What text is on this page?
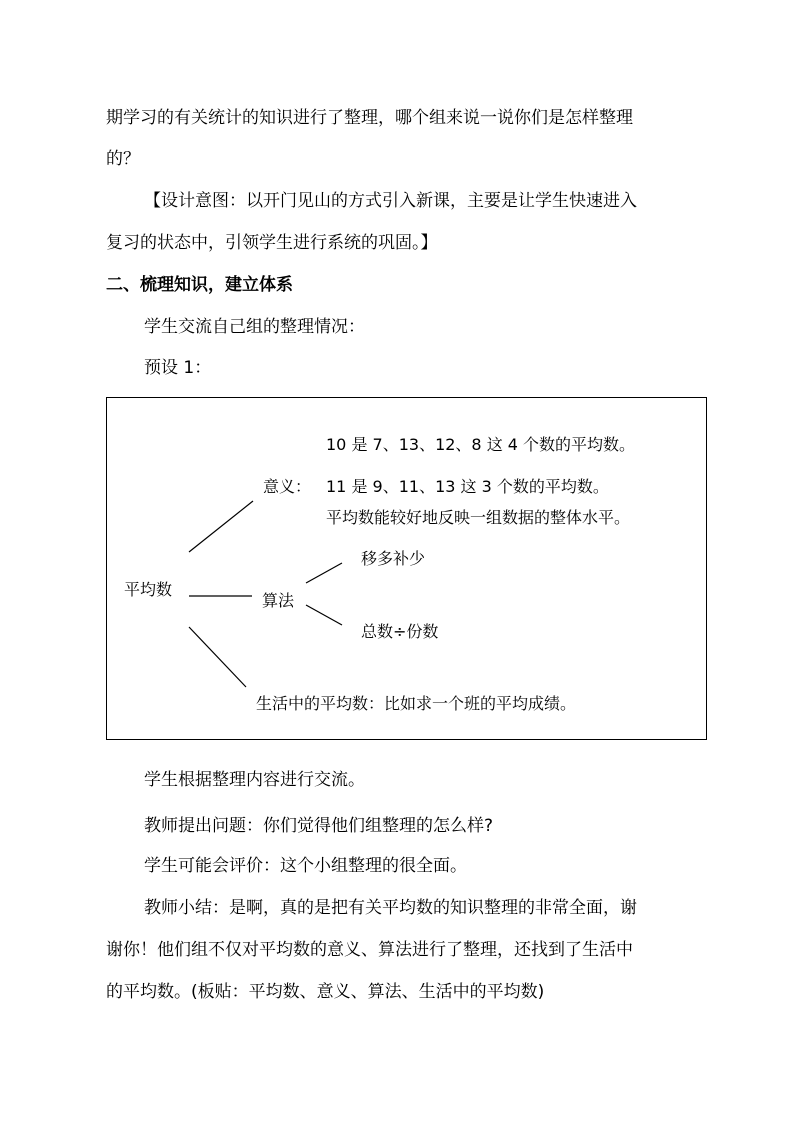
期学习的有关统计的知识进行了整理，哪个组来说一说你们是怎样整理
的？
【设计意图：以开门见山的方式引入新课，主要是让学生快速进入
复习的状态中，引领学生进行系统的巩固。】
二、梳理知识，建立体系
学生交流自己组的整理情况：
预设 1：
平均数
意义：
10 是 7、13、12、8 这 4 个数的平均数。
11 是 9、11、13 这 3 个数的平均数。
平均数能较好地反映一组数据的整体水平。
算法
移多补少
总数÷份数
生活中的平均数：比如求一个班的平均成绩。
学生根据整理内容进行交流。
教师提出问题：你们觉得他们组整理的怎么样?
学生可能会评价：这个小组整理的很全面。
教师小结：是啊，真的是把有关平均数的知识整理的非常全面，谢
谢你！他们组不仅对平均数的意义、算法进行了整理，还找到了生活中
的平均数。(板贴：平均数、意义、算法、生活中的平均数)
